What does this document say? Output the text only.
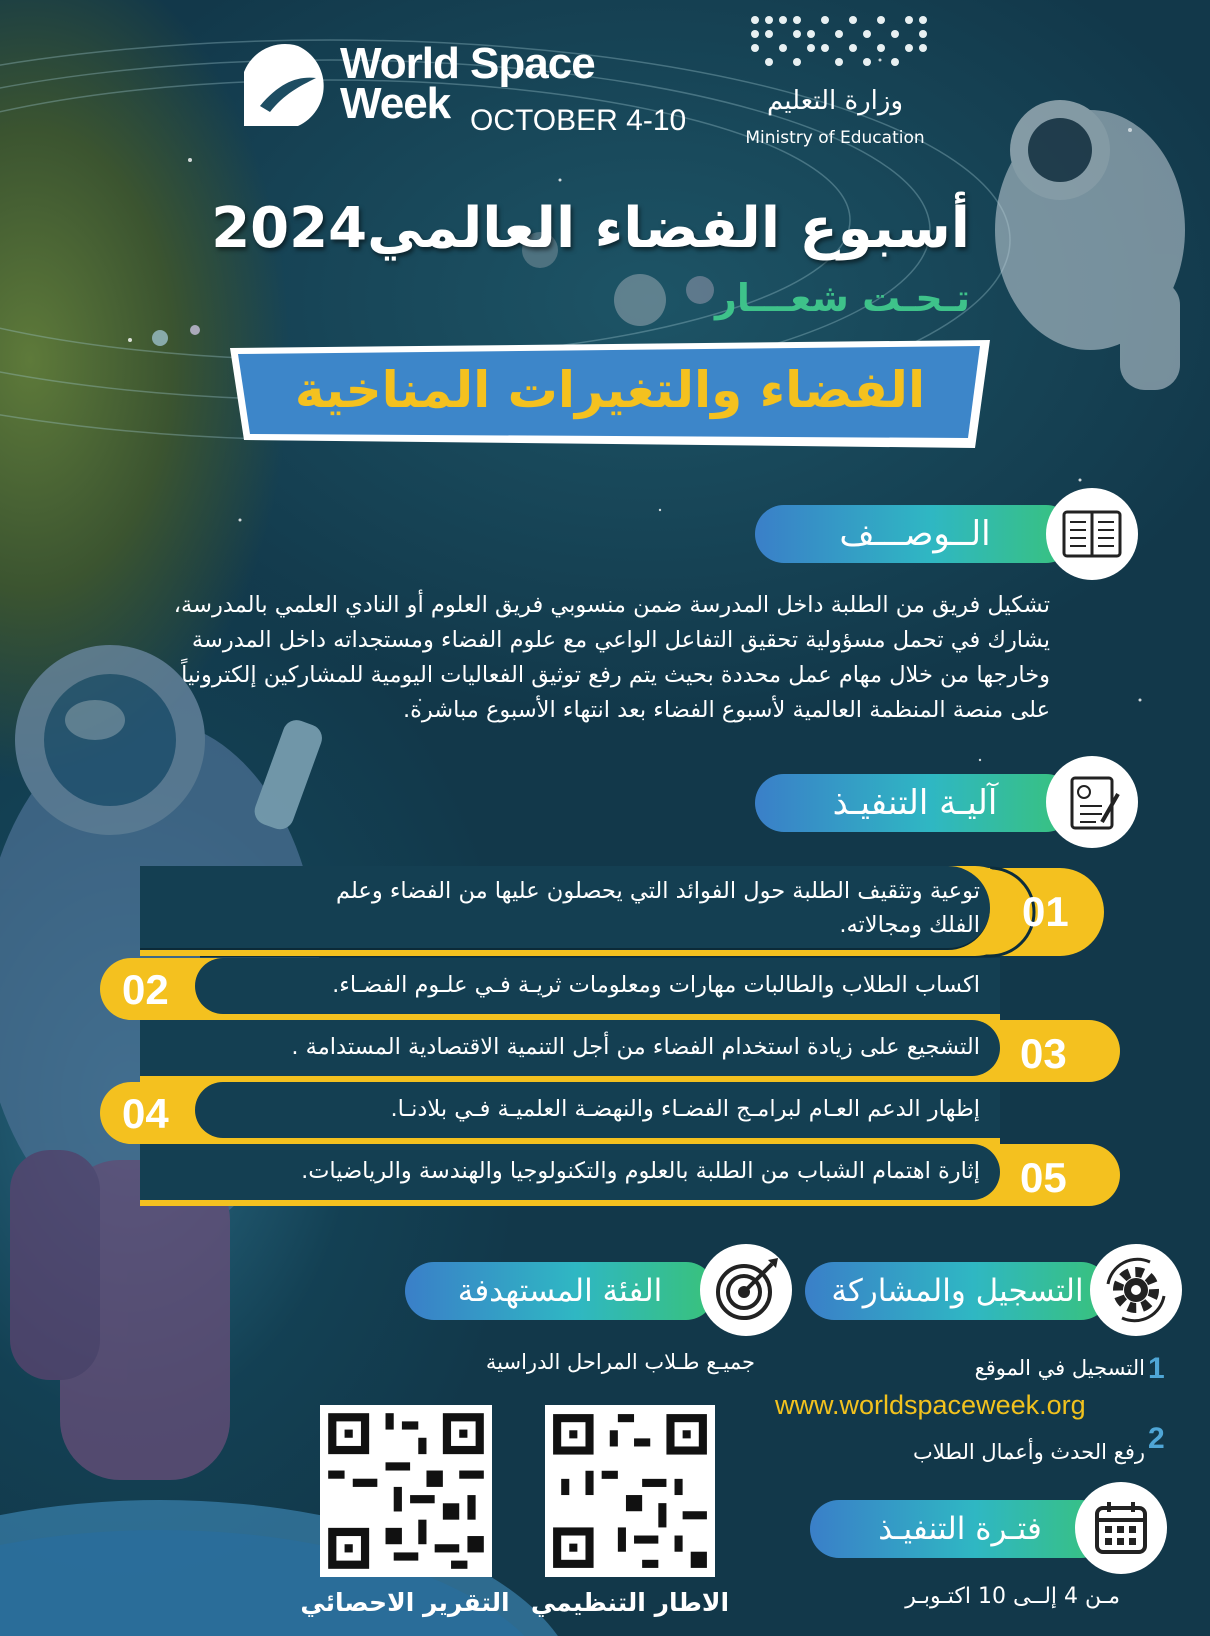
World Space
Week OCTOBER 4-10
وزارة التعليم
Ministry of Education
أسبوع الفضاء العالمي2024
تـحـت شعـــار
الفضاء والتغيرات المناخية
الــوصـــف
تشكيل فريق من الطلبة داخل المدرسة ضمن منسوبي فريق العلوم أو النادي العلمي بالمدرسة،
يشارك في تحمل مسؤولية تحقيق التفاعل الواعي مع علوم الفضاء ومستجداته داخل المدرسة
وخارجها من خلال مهام عمل محددة بحيث يتم رفع توثيق الفعاليات اليومية للمشاركين إلكترونياً
على منصة المنظمة العالمية لأسبوع الفضاء بعد انتهاء الأسبوع مباشرة.
آليـة التنفيـذ
01
توعية وتثقيف الطلبة حول الفوائد التي يحصلون عليها من الفضاء وعلم
الفلك ومجالاته.
02	اكساب الطلاب والطالبات مهارات ومعلومات ثريـة فـي علـوم الفضـاء.
03
التشجيع على زيادة استخدام الفضاء من أجل التنمية الاقتصادية المستدامة .
04	إظهار الدعم العـام لبرامـج الفضـاء والنهضـة العلميـة فـي بلادنـا.
05
إثارة اهتمام الشباب من الطلبة بالعلوم والتكنولوجيا والهندسة والرياضيات.
الفئة المستهدفة
جميـع طـلاب المراحل الدراسية
التسجيل والمشاركة
1
التسجيل في الموقع
www.worldspaceweek.org
2
رفع الحدث وأعمال الطلاب
فتـرة التنفيـذ
مـن 4 إلــى 10 اكتـوبـر
التقرير الاحصائي الاطار التنظيمي
